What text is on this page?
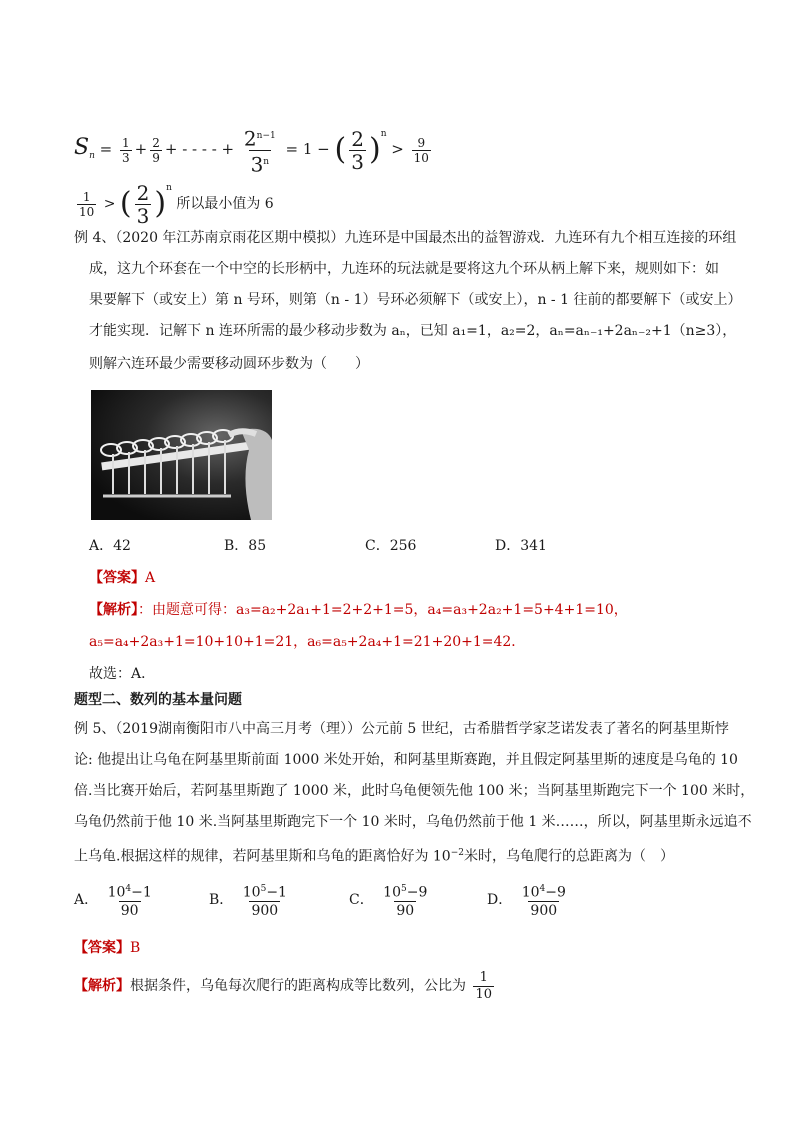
$S_n = \frac{1}{3} + \frac{2}{9}$ + - - - - + $\frac{2^{n-1}}{3^n} = 1$ − ( $\frac{2}{3} )^n > \frac{9}{10}$
$\frac{1}{10}$ > ( $\frac{2}{3} )^n$ 所以最小值为 6
例 4、（2020 年江苏南京雨花区期中模拟）九连环是中国最杰出的益智游戏．九连环有九个相互连接的环组
成，这九个环套在一个中空的长形柄中，九连环的玩法就是要将这九个环从柄上解下来，规则如下：如
果要解下（或安上）第 n 号环，则第（n - 1）号环必须解下（或安上），n - 1 往前的都要解下（或安上）
才能实现．记解下 n 连环所需的最少移动步数为 aₙ，已知 a₁=1，a₂=2，aₙ=aₙ₋₁+2aₙ₋₂+1（n≥3），
则解六连环最少需要移动圆环步数为（　　）
A．42	B．85	C．256	D．341
【答案】A
【解析】：由题意可得：a₃=a₂+2a₁+1=2+2+1=5，a₄=a₃+2a₂+1=5+4+1=10，
a₅=a₄+2a₃+1=10+10+1=21，a₆=a₅+2a₄+1=21+20+1=42．
故选：A．
题型二、数列的基本量问题
例 5、（2019湖南衡阳市八中高三月考（理））公元前 5 世纪，古希腊哲学家芝诺发表了著名的阿基里斯悖
论: 他提出让乌龟在阿基里斯前面 1000 米处开始，和阿基里斯赛跑，并且假定阿基里斯的速度是乌龟的 10
倍.当比赛开始后，若阿基里斯跑了 1000 米，此时乌龟便领先他 100 米；当阿基里斯跑完下一个 100 米时，
乌龟仍然前于他 10 米.当阿基里斯跑完下一个 10 米时，乌龟仍然前于他 1 米……，所以，阿基里斯永远追不
上乌龟.根据这样的规律，若阿基里斯和乌龟的距离恰好为 $10^{-2}$米时，乌龟爬行的总距离为（　）
A． $\frac{10^4-1}{90}$	B． $\frac{10^5-1}{900}$	C． $\frac{10^5-9}{90}$	D． $\frac{10^4-9}{900}$
【答案】B
【解析】根据条件，乌龟每次爬行的距离构成等比数列，公比为 $\frac{1}{10}$
